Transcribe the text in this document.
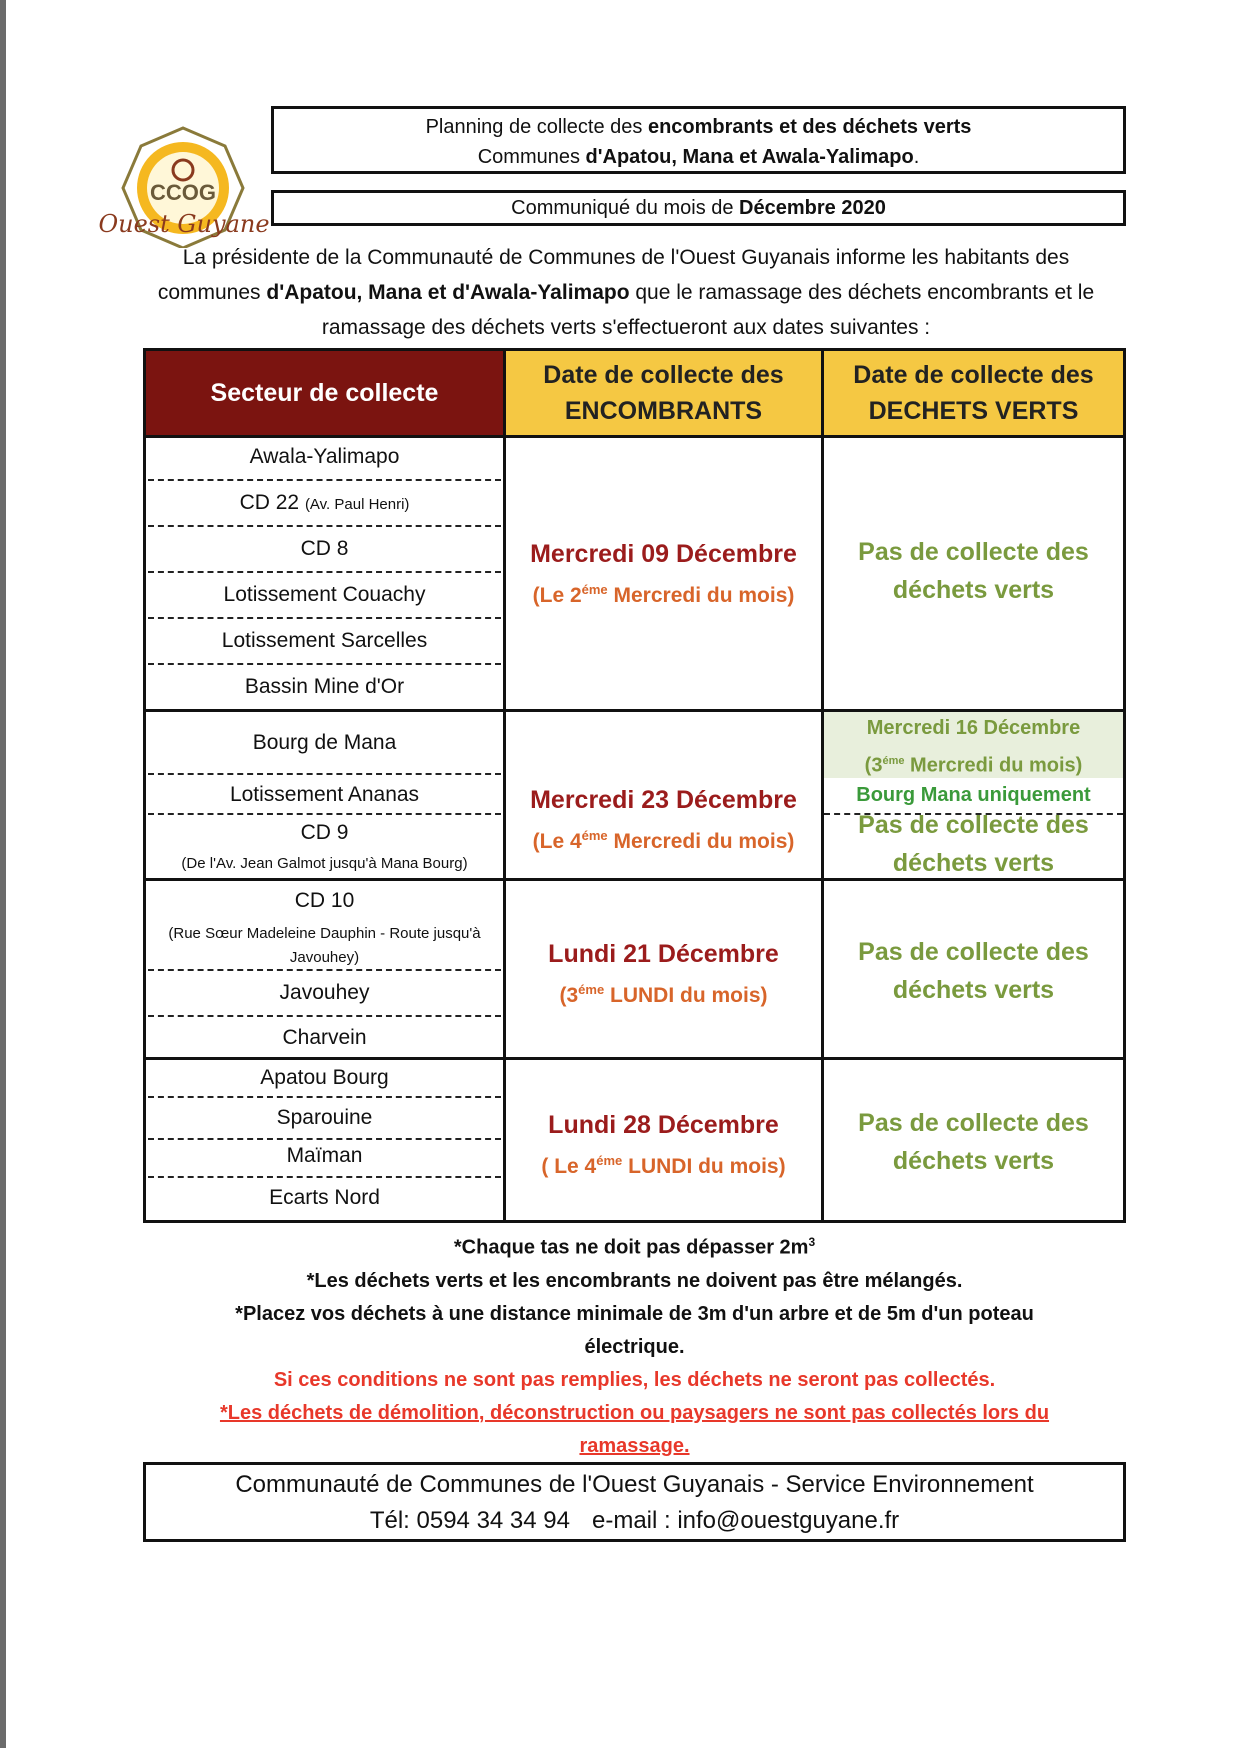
CCOG
Ouest Guyane
Planning de collecte des encombrants et des déchets verts
Communes d'Apatou, Mana et Awala-Yalimapo.
Communiqué du mois de Décembre 2020
La présidente de la Communauté de Communes de l'Ouest Guyanais informe les habitants des communes d'Apatou, Mana et d'Awala-Yalimapo que le ramassage des déchets encombrants et le ramassage des déchets verts s'effectueront aux dates suivantes :
Secteur de collecte
Date de collecte des
ENCOMBRANTS
Date de collecte des
DECHETS VERTS
Awala-Yalimapo
CD 22 (Av. Paul Henri)
CD 8
Lotissement Couachy
Lotissement Sarcelles
Bassin Mine d'Or
Mercredi 09 Décembre
(Le $2^{éme}$ Mercredi du mois)
Pas de collecte des
déchets verts
Bourg de Mana
Lotissement Ananas
CD 9
(De l'Av. Jean Galmot jusqu'à Mana Bourg)
Mercredi 23 Décembre
(Le $4^{éme}$ Mercredi du mois)
Mercredi 16 Décembre
($3^{éme}$ Mercredi du mois)
Bourg Mana uniquement
Pas de collecte des
déchets verts
CD 10
(Rue Sœur Madeleine Dauphin - Route jusqu'à
Javouhey)
Javouhey
Charvein
Lundi 21 Décembre
($3^{éme}$ LUNDI du mois)
Pas de collecte des
déchets verts
Apatou Bourg
Sparouine
Maïman
Ecarts Nord
Lundi 28 Décembre
( Le $4^{éme}$ LUNDI du mois)
Pas de collecte des
déchets verts
*Chaque tas ne doit pas dépasser $2m^3$
*Les déchets verts et les encombrants ne doivent pas être mélangés.
*Placez vos déchets à une distance minimale de 3m d'un arbre et de 5m d'un poteau
électrique.
Si ces conditions ne sont pas remplies, les déchets ne seront pas collectés.
*Les déchets de démolition, déconstruction ou paysagers ne sont pas collectés lors du
ramassage.
Communauté de Communes de l'Ouest Guyanais - Service Environnement
Tél: 0594 34 34 94 e-mail : info@ouestguyane.fr
